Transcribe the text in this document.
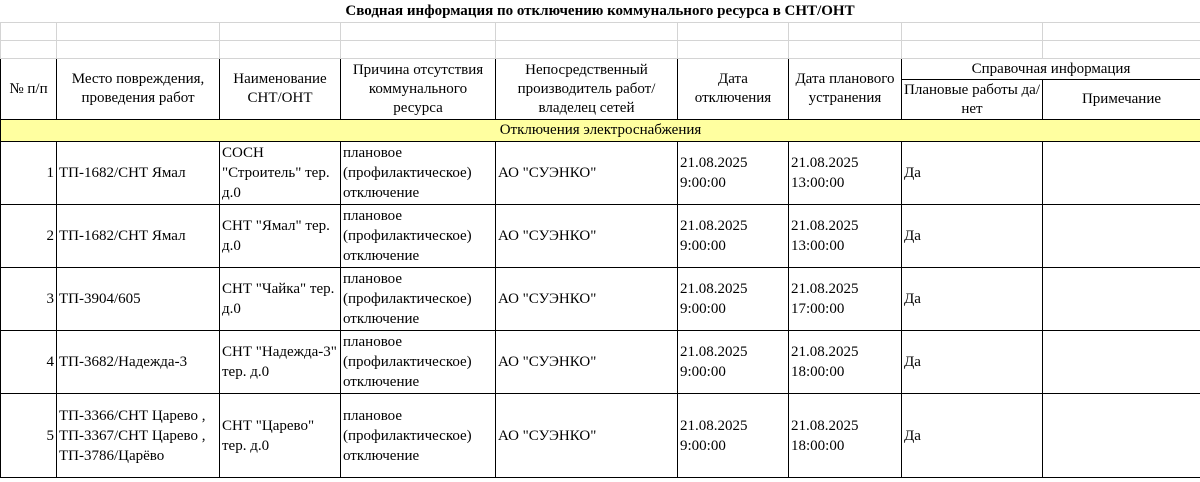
Сводная информация по отключению коммунального ресурса в СНТ/ОНТ

№ п/п	Место повреждения, проведения работ	Наименование СНТ/ОНТ	Причина отсутствия коммунального ресурса	Непосредственный производитель работ/ владелец сетей	Дата отключения	Дата планового устранения	Справочная информация	
							Плановые работы да/нет	Примечание
Отключения электроснабжения								
1	ТП-1682/СНТ Ямал	СОСН "Строитель" тер. д.0	плановое (профилактическое) отключение	АО "СУЭНКО"	21.08.2025 9:00:00	21.08.2025 13:00:00	Да	
2	ТП-1682/СНТ Ямал	СНТ "Ямал" тер. д.0	плановое (профилактическое) отключение	АО "СУЭНКО"	21.08.2025 9:00:00	21.08.2025 13:00:00	Да	
3	ТП-3904/605	СНТ "Чайка" тер. д.0	плановое (профилактическое) отключение	АО "СУЭНКО"	21.08.2025 9:00:00	21.08.2025 17:00:00	Да	
4	ТП-3682/Надежда-3	СНТ "Надежда-3" тер. д.0	плановое (профилактическое) отключение	АО "СУЭНКО"	21.08.2025 9:00:00	21.08.2025 18:00:00	Да	
5	ТП-3366/СНТ Царево , ТП-3367/СНТ Царево , ТП-3786/Царёво	СНТ "Царево" тер. д.0	плановое (профилактическое) отключение	АО "СУЭНКО"	21.08.2025 9:00:00	21.08.2025 18:00:00	Да	
